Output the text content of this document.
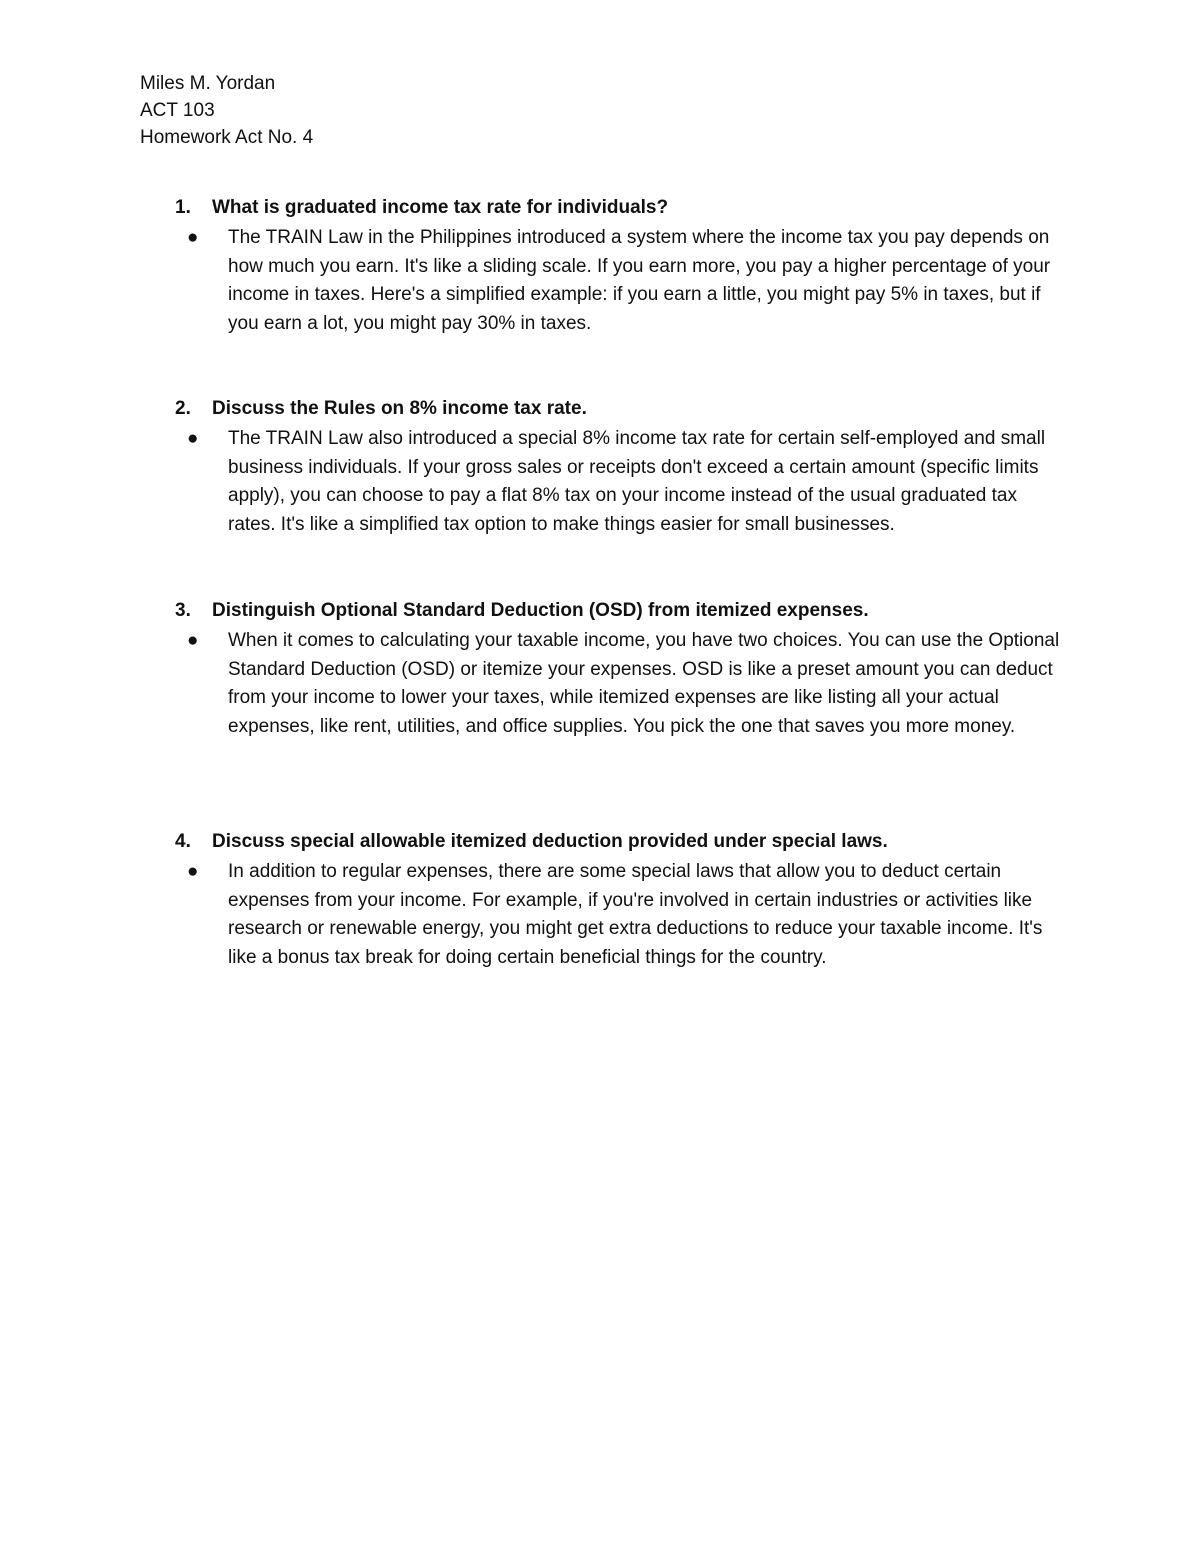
Miles M. Yordan
ACT 103
Homework Act No. 4
1. What is graduated income tax rate for individuals?
● The TRAIN Law in the Philippines introduced a system where the income tax you pay depends on how much you earn. It's like a sliding scale. If you earn more, you pay a higher percentage of your income in taxes. Here's a simplified example: if you earn a little, you might pay 5% in taxes, but if you earn a lot, you might pay 30% in taxes.
2. Discuss the Rules on 8% income tax rate.
● The TRAIN Law also introduced a special 8% income tax rate for certain self-employed and small business individuals. If your gross sales or receipts don't exceed a certain amount (specific limits apply), you can choose to pay a flat 8% tax on your income instead of the usual graduated tax rates. It's like a simplified tax option to make things easier for small businesses.
3. Distinguish Optional Standard Deduction (OSD) from itemized expenses.
● When it comes to calculating your taxable income, you have two choices. You can use the Optional Standard Deduction (OSD) or itemize your expenses. OSD is like a preset amount you can deduct from your income to lower your taxes, while itemized expenses are like listing all your actual expenses, like rent, utilities, and office supplies. You pick the one that saves you more money.
4. Discuss special allowable itemized deduction provided under special laws.
● In addition to regular expenses, there are some special laws that allow you to deduct certain expenses from your income. For example, if you're involved in certain industries or activities like research or renewable energy, you might get extra deductions to reduce your taxable income. It's like a bonus tax break for doing certain beneficial things for the country.
